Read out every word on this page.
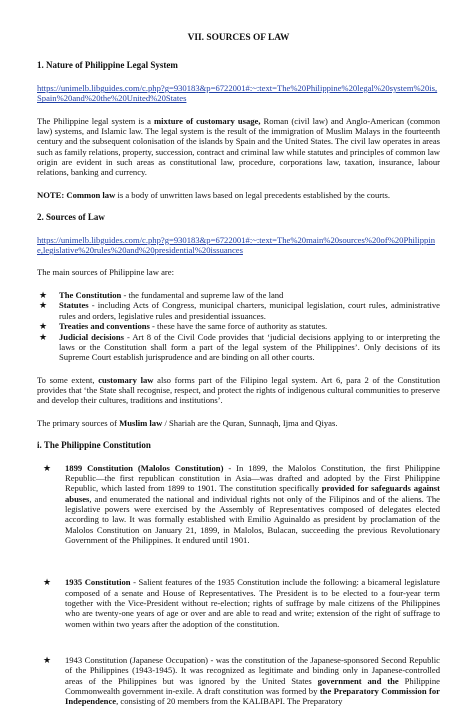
VII. SOURCES OF LAW
1. Nature of Philippine Legal System
https://unimelb.libguides.com/c.php?g=930183&p=6722001#:~:text=The%20Philippine%20legal%20system%20is,Spain%20and%20the%20United%20States

The Philippine legal system is a mixture of customary usage, Roman (civil law) and Anglo-American (common law) systems, and Islamic law. The legal system is the result of the immigration of Muslim Malays in the fourteenth century and the subsequent colonisation of the islands by Spain and the United States. The civil law operates in areas such as family relations, property, succession, contract and criminal law while statutes and principles of common law origin are evident in such areas as constitutional law, procedure, corporations law, taxation, insurance, labour relations, banking and currency.

NOTE: Common law is a body of unwritten laws based on legal precedents established by the courts.

2. Sources of Law
https://unimelb.libguides.com/c.php?g=930183&p=6722001#:~:text=The%20main%20sources%20of%20Philippine,legislative%20rules%20and%20presidential%20issuances

The main sources of Philippine law are:

★	The Constitution - the fundamental and supreme law of the land
★	Statutes - including Acts of Congress, municipal charters, municipal legislation, court rules, administrative rules and orders, legislative rules and presidential issuances.
★	Treaties and conventions - these have the same force of authority as statutes.
★	Judicial decisions - Art 8 of the Civil Code provides that ‘judicial decisions applying to or interpreting the laws or the Constitution shall form a part of the legal system of the Philippines’. Only decisions of its Supreme Court establish jurisprudence and are binding on all other courts.

To some extent, customary law also forms part of the Filipino legal system. Art 6, para 2 of the Constitution provides that ‘the State shall recognise, respect, and protect the rights of indigenous cultural communities to preserve and develop their cultures, traditions and institutions’.

The primary sources of Muslim law / Shariah are the Quran, Sunnaqh, Ijma and Qiyas.

i. The Philippine Constitution
★	1899 Constitution (Malolos Constitution) - In 1899, the Malolos Constitution, the first Philippine Republic—the first republican constitution in Asia—was drafted and adopted by the First Philippine Republic, which lasted from 1899 to 1901. The constitution specifically provided for safeguards against abuses, and enumerated the national and individual rights not only of the Filipinos and of the aliens. The legislative powers were exercised by the Assembly of Representatives composed of delegates elected according to law. It was formally established with Emilio Aguinaldo as president by proclamation of the Malolos Constitution on January 21, 1899, in Malolos, Bulacan, succeeding the previous Revolutionary Government of the Philippines. It endured until 1901.
★	1935 Constitution - Salient features of the 1935 Constitution include the following: a bicameral legislature composed of a senate and House of Representatives. The President is to be elected to a four-year term together with the Vice-President without re-election; rights of suffrage by male citizens of the Philippines who are twenty-one years of age or over and are able to read and write; extension of the right of suffrage to women within two years after the adoption of the constitution.
★	1943 Constitution (Japanese Occupation) - was the constitution of the Japanese-sponsored Second Republic of the Philippines (1943-1945). It was recognized as legitimate and binding only in Japanese-controlled areas of the Philippines but was ignored by the United States government and the Philippine Commonwealth government in-exile. A draft constitution was formed by the Preparatory Commission for Independence, consisting of 20 members from the KALIBAPI. The Preparatory
